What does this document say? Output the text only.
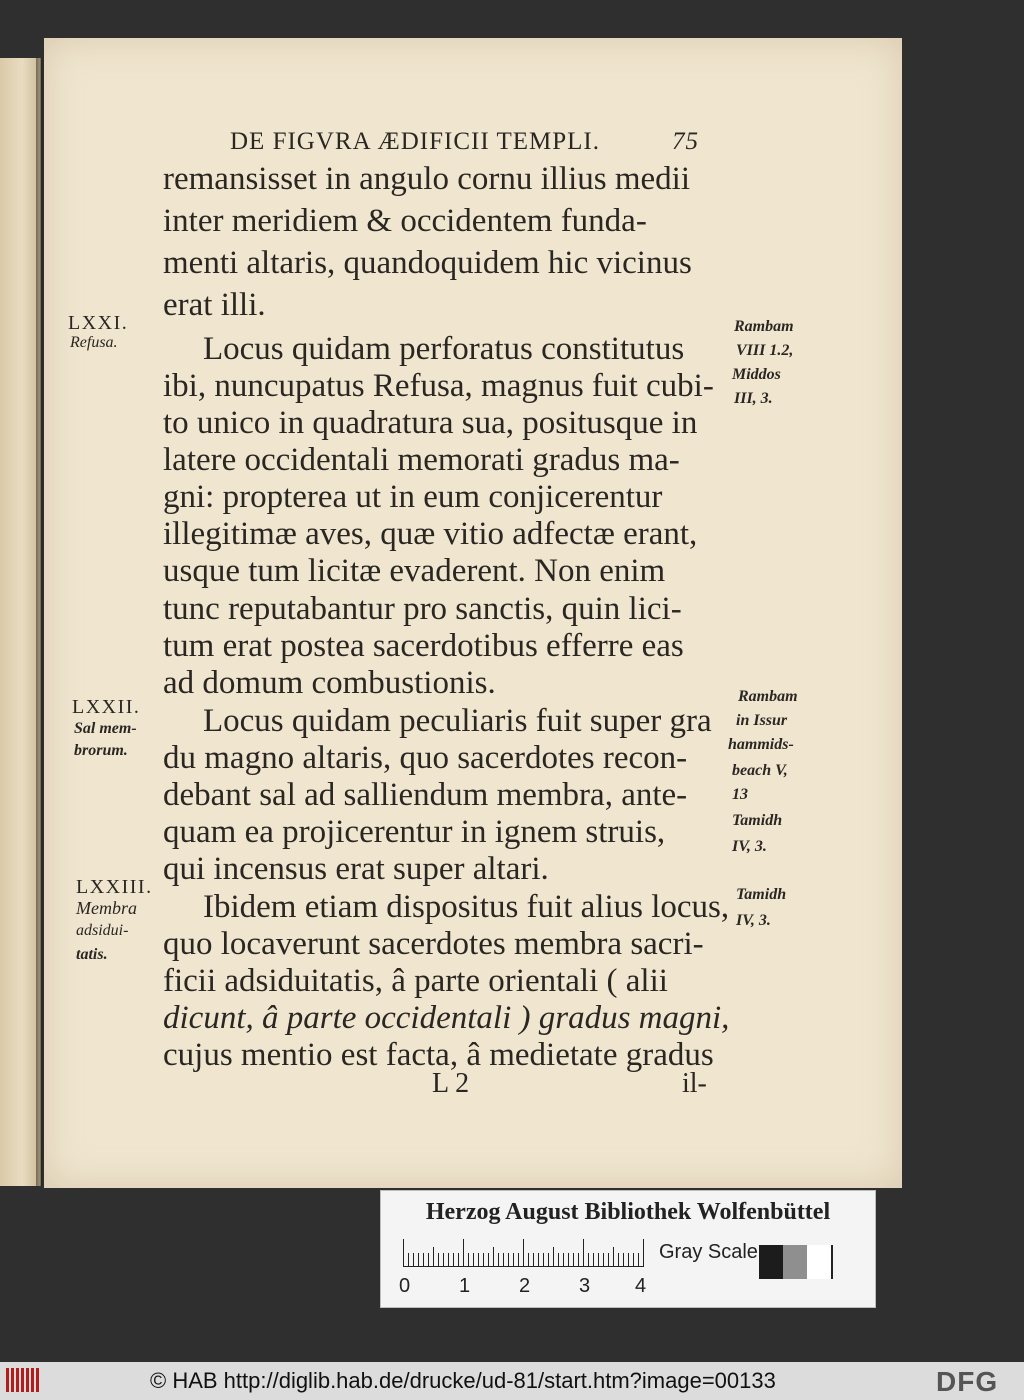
DE FIGVRA ÆDIFICII TEMPLI.	75
remansisset in angulo cornu illius medii
inter meridiem & occidentem funda-
menti altaris, quandoquidem hic vicinus
erat illi.
Locus quidam perforatus constitutus
ibi, nuncupatus Refusa, magnus fuit cubi-
to unico in quadratura sua, positusque in
latere occidentali memorati gradus ma-
gni: propterea ut in eum conjicerentur
illegitimæ aves, quæ vitio adfectæ erant,
usque tum licitæ evaderent. Non enim
tunc reputabantur pro sanctis, quin lici-
tum erat postea sacerdotibus efferre eas
ad domum combustionis.
Locus quidam peculiaris fuit super gra
du magno altaris, quo sacerdotes recon-
debant sal ad salliendum membra, ante-
quam ea projicerentur in ignem struis,
qui incensus erat super altari.
Ibidem etiam dispositus fuit alius locus,
quo locaverunt sacerdotes membra sacri-
ficii adsiduitatis, â parte orientali ( alii
dicunt, â parte occidentali ) gradus magni,
cujus mentio est facta, â medietate gradus
LXXI.
Refusa.
LXXII.
Sal mem-
brorum.
LXXIII.
Membra
adsidui-
tatis.
Rambam
VIII 1.2,
Middos
III, 3.
Rambam
in Issur
hammids-
beach V,
13
Tamidh
IV, 3.
Tamidh
IV, 3.
L 2	il-
Herzog August Bibliothek Wolfenbüttel
0 1 2 3 4
Gray Scale
© HAB http://diglib.hab.de/drucke/ud-81/start.htm?image=00133	DFG
